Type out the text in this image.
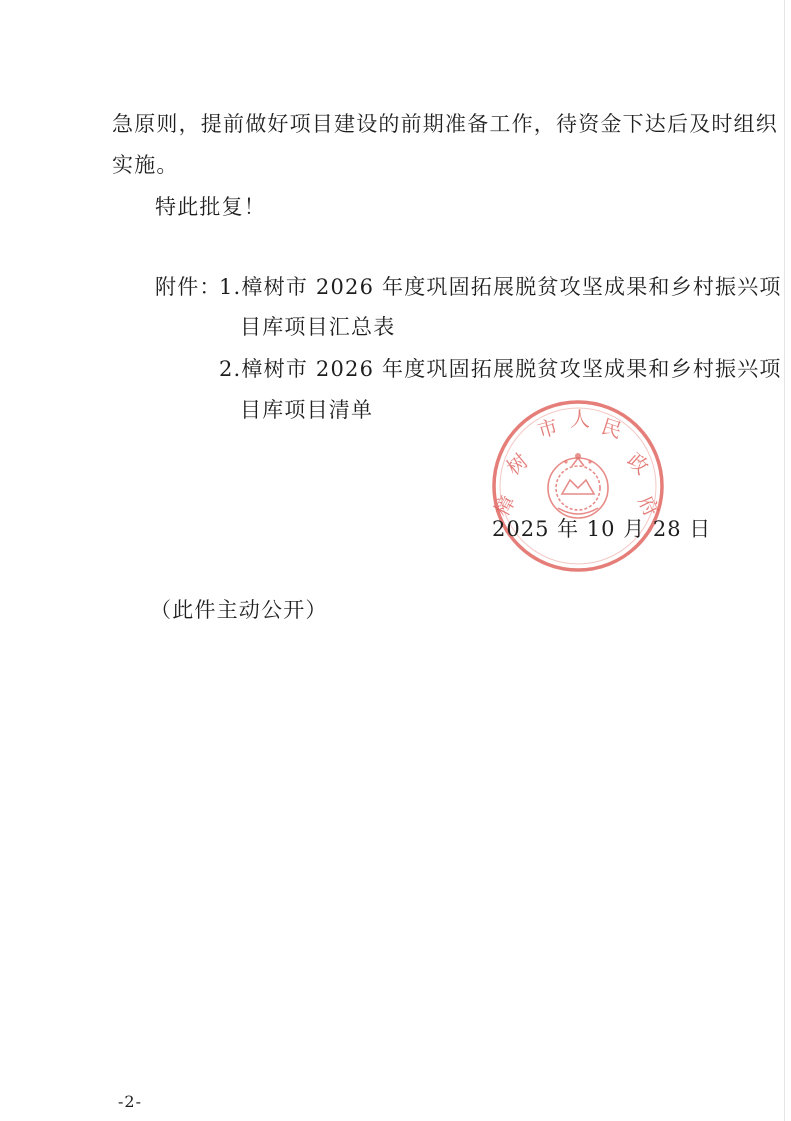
急原则，提前做好项目建设的前期准备工作，待资金下达后及时组织
实施。
特此批复！
附件：
1.樟树市 2026 年度巩固拓展脱贫攻坚成果和乡村振兴项
目库项目汇总表
2.樟树市 2026 年度巩固拓展脱贫攻坚成果和乡村振兴项
目库项目清单
樟
树
市 人 民
政
府
2025 年 10 月 28 日
（此件主动公开）
-2-
